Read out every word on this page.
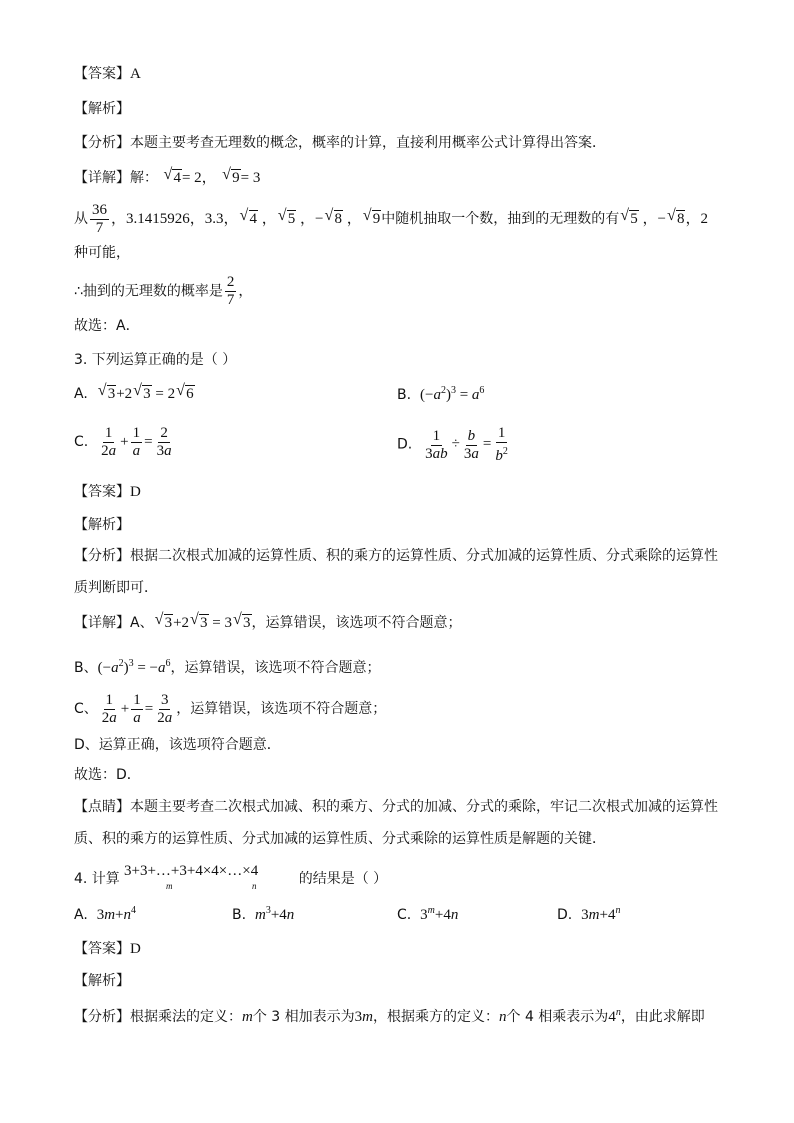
【答案】A
【解析】
【分析】本题主要考查无理数的概念，概率的计算，直接利用概率公式计算得出答案．
【详解】解： √ 4= 2， √ 9= 3
从 $\frac{36}{7}$ ，3.1415926，3.3， √ 4 ， √ 5 ，− √ 8 ， √ 9中随机抽取一个数，抽到的无理数的有 √ 5 ，− √ 8，2
种可能，
∴抽到的无理数的概率是 $\frac{2}{7}$ ，
故选：A．
3. 下列运算正确的是（ ）
A. √ 3+2 √ 3 = 2 √ 6	B. $(-a^2)^3 = a^6$
C. $\frac{1}{2a} + \frac{1}{a} = \frac{2}{3a}$	D. $\frac{1}{3ab} \div \frac{b}{3a} = \frac{1}{b^2}$
【答案】D
【解析】
【分析】根据二次根式加减的运算性质、积的乘方的运算性质、分式加减的运算性质、分式乘除的运算性
质判断即可．
【详解】A、 √ 3+2 √ 3 = 3 √ 3，运算错误，该选项不符合题意；
B、$(-a^2)^3 = -a^6$，运算错误，该选项不符合题意；
C、 $\frac{1}{2a} + \frac{1}{a} = \frac{3}{2a}$ ，运算错误，该选项不符合题意；
D、运算正确，该选项符合题意．
故选：D．
【点睛】本题主要考查二次根式加减、积的乘方、分式的加减、分式的乘除，牢记二次根式加减的运算性
质、积的乘方的运算性质、分式加减的运算性质、分式乘除的运算性质是解题的关键．
4. 计算 3+3+…+3+4×4×…×4
m	n	的结果是（ ）
A. $3m+n^4$	B. $m^3+4n$	C. $3^m+4n$	D. $3m+4^n$
【答案】D
【解析】
【分析】根据乘法的定义：m个 3 相加表示为3m，根据乘方的定义：n个 4 相乘表示为4$^n$，由此求解即
